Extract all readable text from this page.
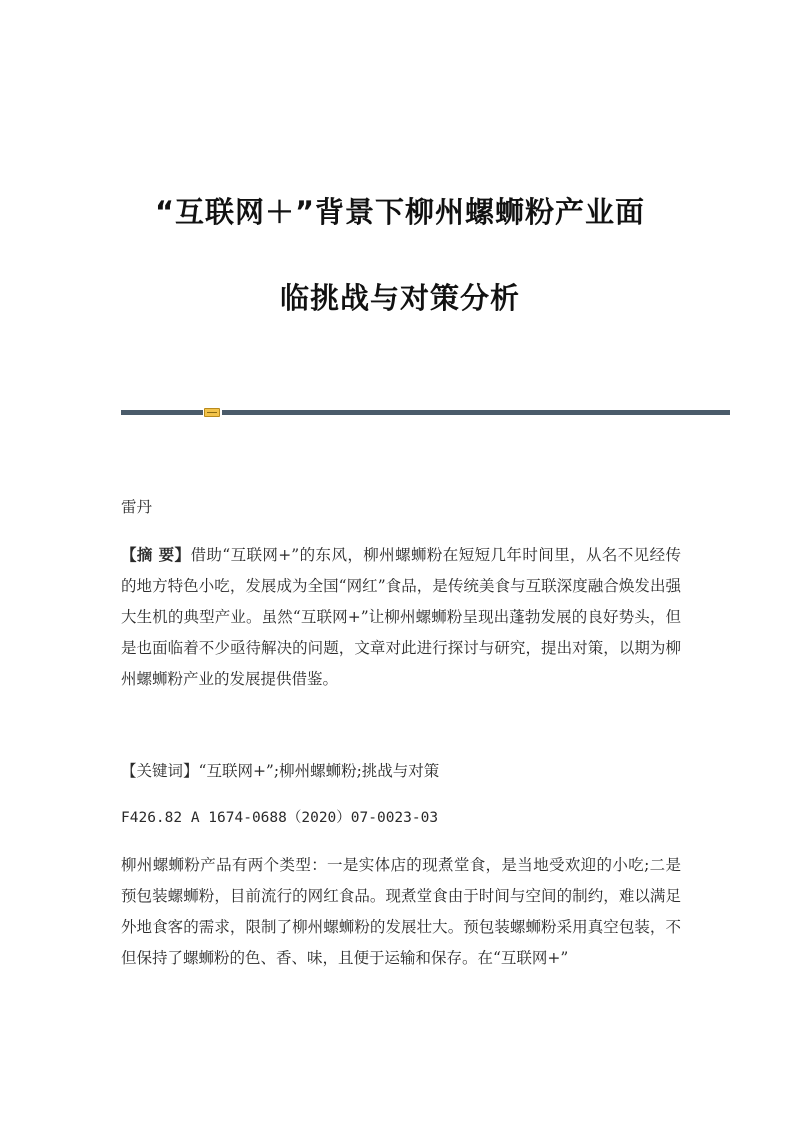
“互联网＋”背景下柳州螺蛳粉产业面
临挑战与对策分析
雷丹
【摘 要】借助“互联网+”的东风，柳州螺蛳粉在短短几年时间里，从名不见经传的地方特色小吃，发展成为全国“网红”食品，是传统美食与互联深度融合焕发出强大生机的典型产业。虽然“互联网+”让柳州螺蛳粉呈现出蓬勃发展的良好势头，但是也面临着不少亟待解决的问题，文章对此进行探讨与研究，提出对策，以期为柳州螺蛳粉产业的发展提供借鉴。
【关键词】“互联网+”;柳州螺蛳粉;挑战与对策
F426.82 A 1674-0688（2020）07-0023-03
柳州螺蛳粉产品有两个类型：一是实体店的现煮堂食，是当地受欢迎的小吃;二是预包装螺蛳粉，目前流行的网红食品。现煮堂食由于时间与空间的制约，难以满足外地食客的需求，限制了柳州螺蛳粉的发展壮大。预包装螺蛳粉采用真空包装，不但保持了螺蛳粉的色、香、味，且便于运输和保存。在“互联网+”
